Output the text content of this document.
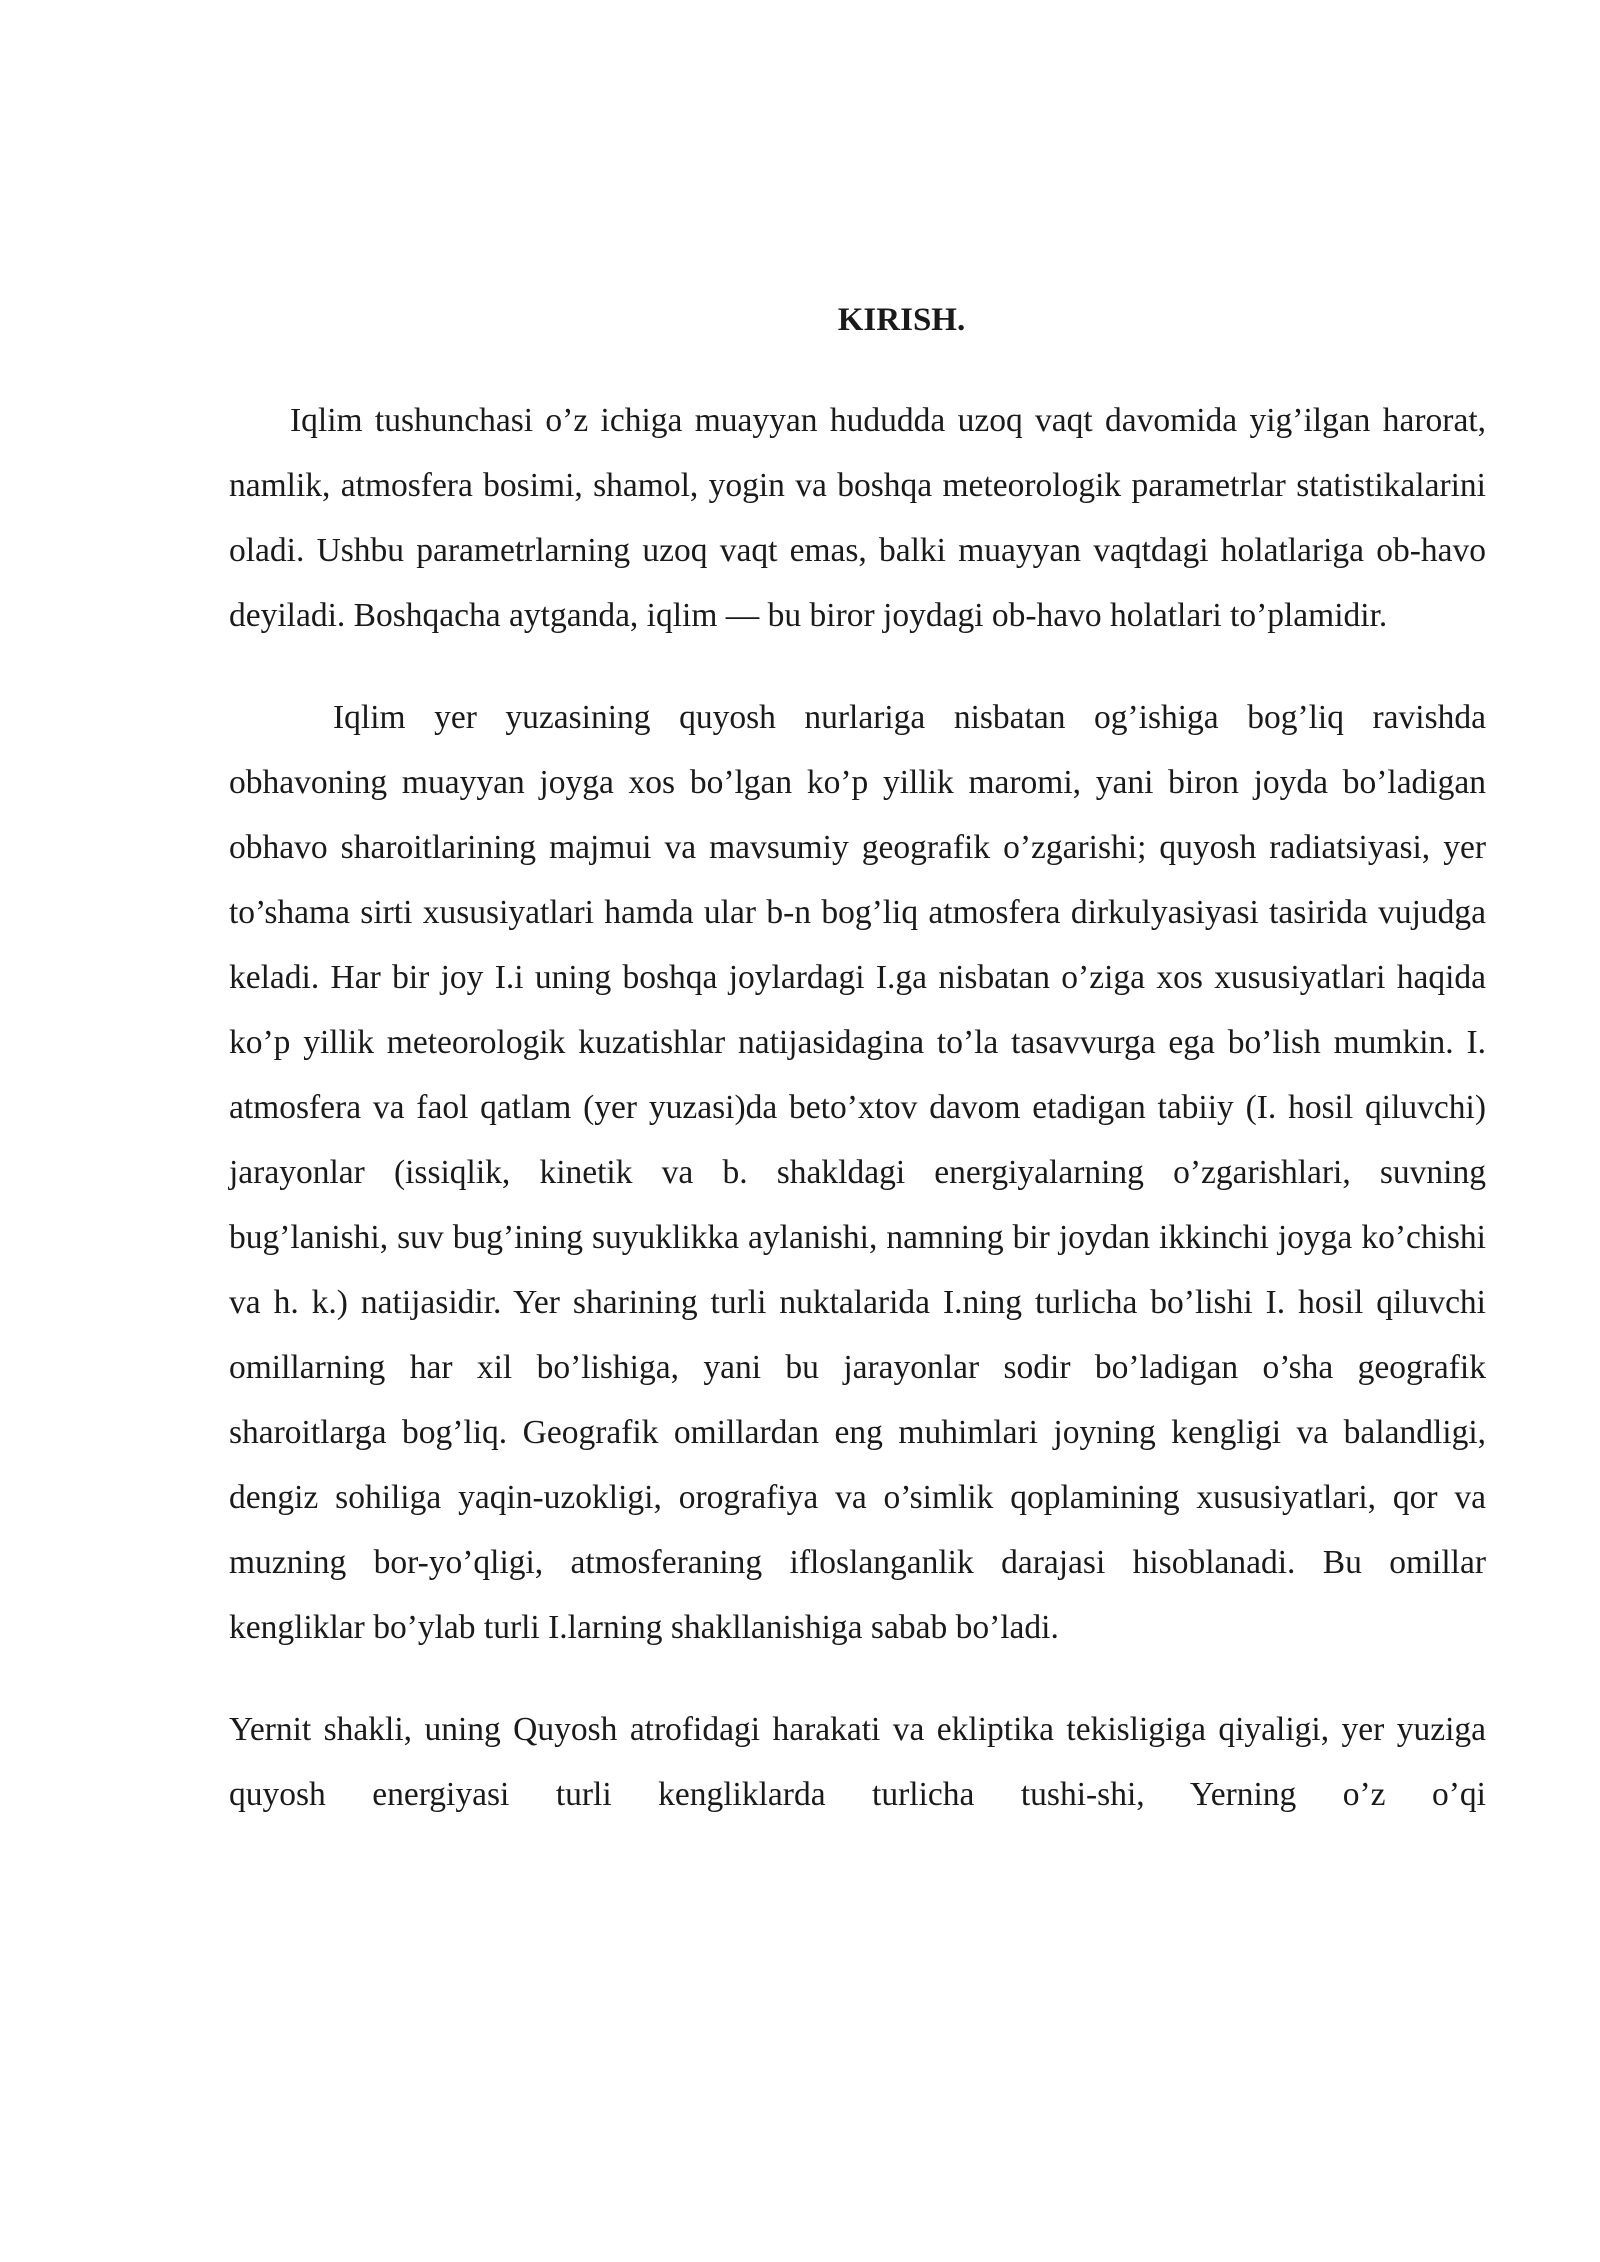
KIRISH.

Iqlim tushunchasi o’z ichiga muayyan hududda uzoq vaqt davomida yig’ilgan harorat, namlik, atmosfera bosimi, shamol, yogin va boshqa meteorologik parametrlar statistikalarini oladi. Ushbu parametrlarning uzoq vaqt emas, balki muayyan vaqtdagi holatlariga ob-havo deyiladi. Boshqacha aytganda, iqlim — bu biror joydagi ob-havo holatlari to’plamidir.

Iqlim yer yuzasining quyosh nurlariga nisbatan og’ishiga bog’liq ravishda obhavoning muayyan joyga xos bo’lgan ko’p yillik maromi, yani biron joyda bo’ladigan obhavo sharoitlarining majmui va mavsumiy geografik o’zgarishi; quyosh radiatsiyasi, yer to’shama sirti xususiyatlari hamda ular b-n bog’liq atmosfera dirkulyasiyasi tasirida vujudga keladi. Har bir joy I.i uning boshqa joylardagi I.ga nisbatan o’ziga xos xususiyatlari haqida ko’p yillik meteorologik kuzatishlar natijasidagina to’la tasavvurga ega bo’lish mumkin. I. atmosfera va faol qatlam (yer yuzasi)da beto’xtov davom etadigan tabiiy (I. hosil qiluvchi) jarayonlar (issiqlik, kinetik va b. shakldagi energiyalarning o’zgarishlari, suvning bug’lanishi, suv bug’ining suyuklikka aylanishi, namning bir joydan ikkinchi joyga ko’chishi va h. k.) natijasidir. Yer sharining turli nuktalarida I.ning turlicha bo’lishi I. hosil qiluvchi omillarning har xil bo’lishiga, yani bu jarayonlar sodir bo’ladigan o’sha geografik sharoitlarga bog’liq. Geografik omillardan eng muhimlari joyning kengligi va balandligi, dengiz sohiliga yaqin-uzokligi, orografiya va o’simlik qoplamining xususiyatlari, qor va muzning bor-yo’qligi, atmosferaning ifloslanganlik darajasi hisoblanadi. Bu omillar kengliklar bo’ylab turli I.larning shakllanishiga sabab bo’ladi.

Yernit shakli, uning Quyosh atrofidagi harakati va ekliptika tekisligiga qiyaligi, yer yuziga quyosh energiyasi turli kengliklarda turlicha tushi-shi, Yerning o’z o’qi
